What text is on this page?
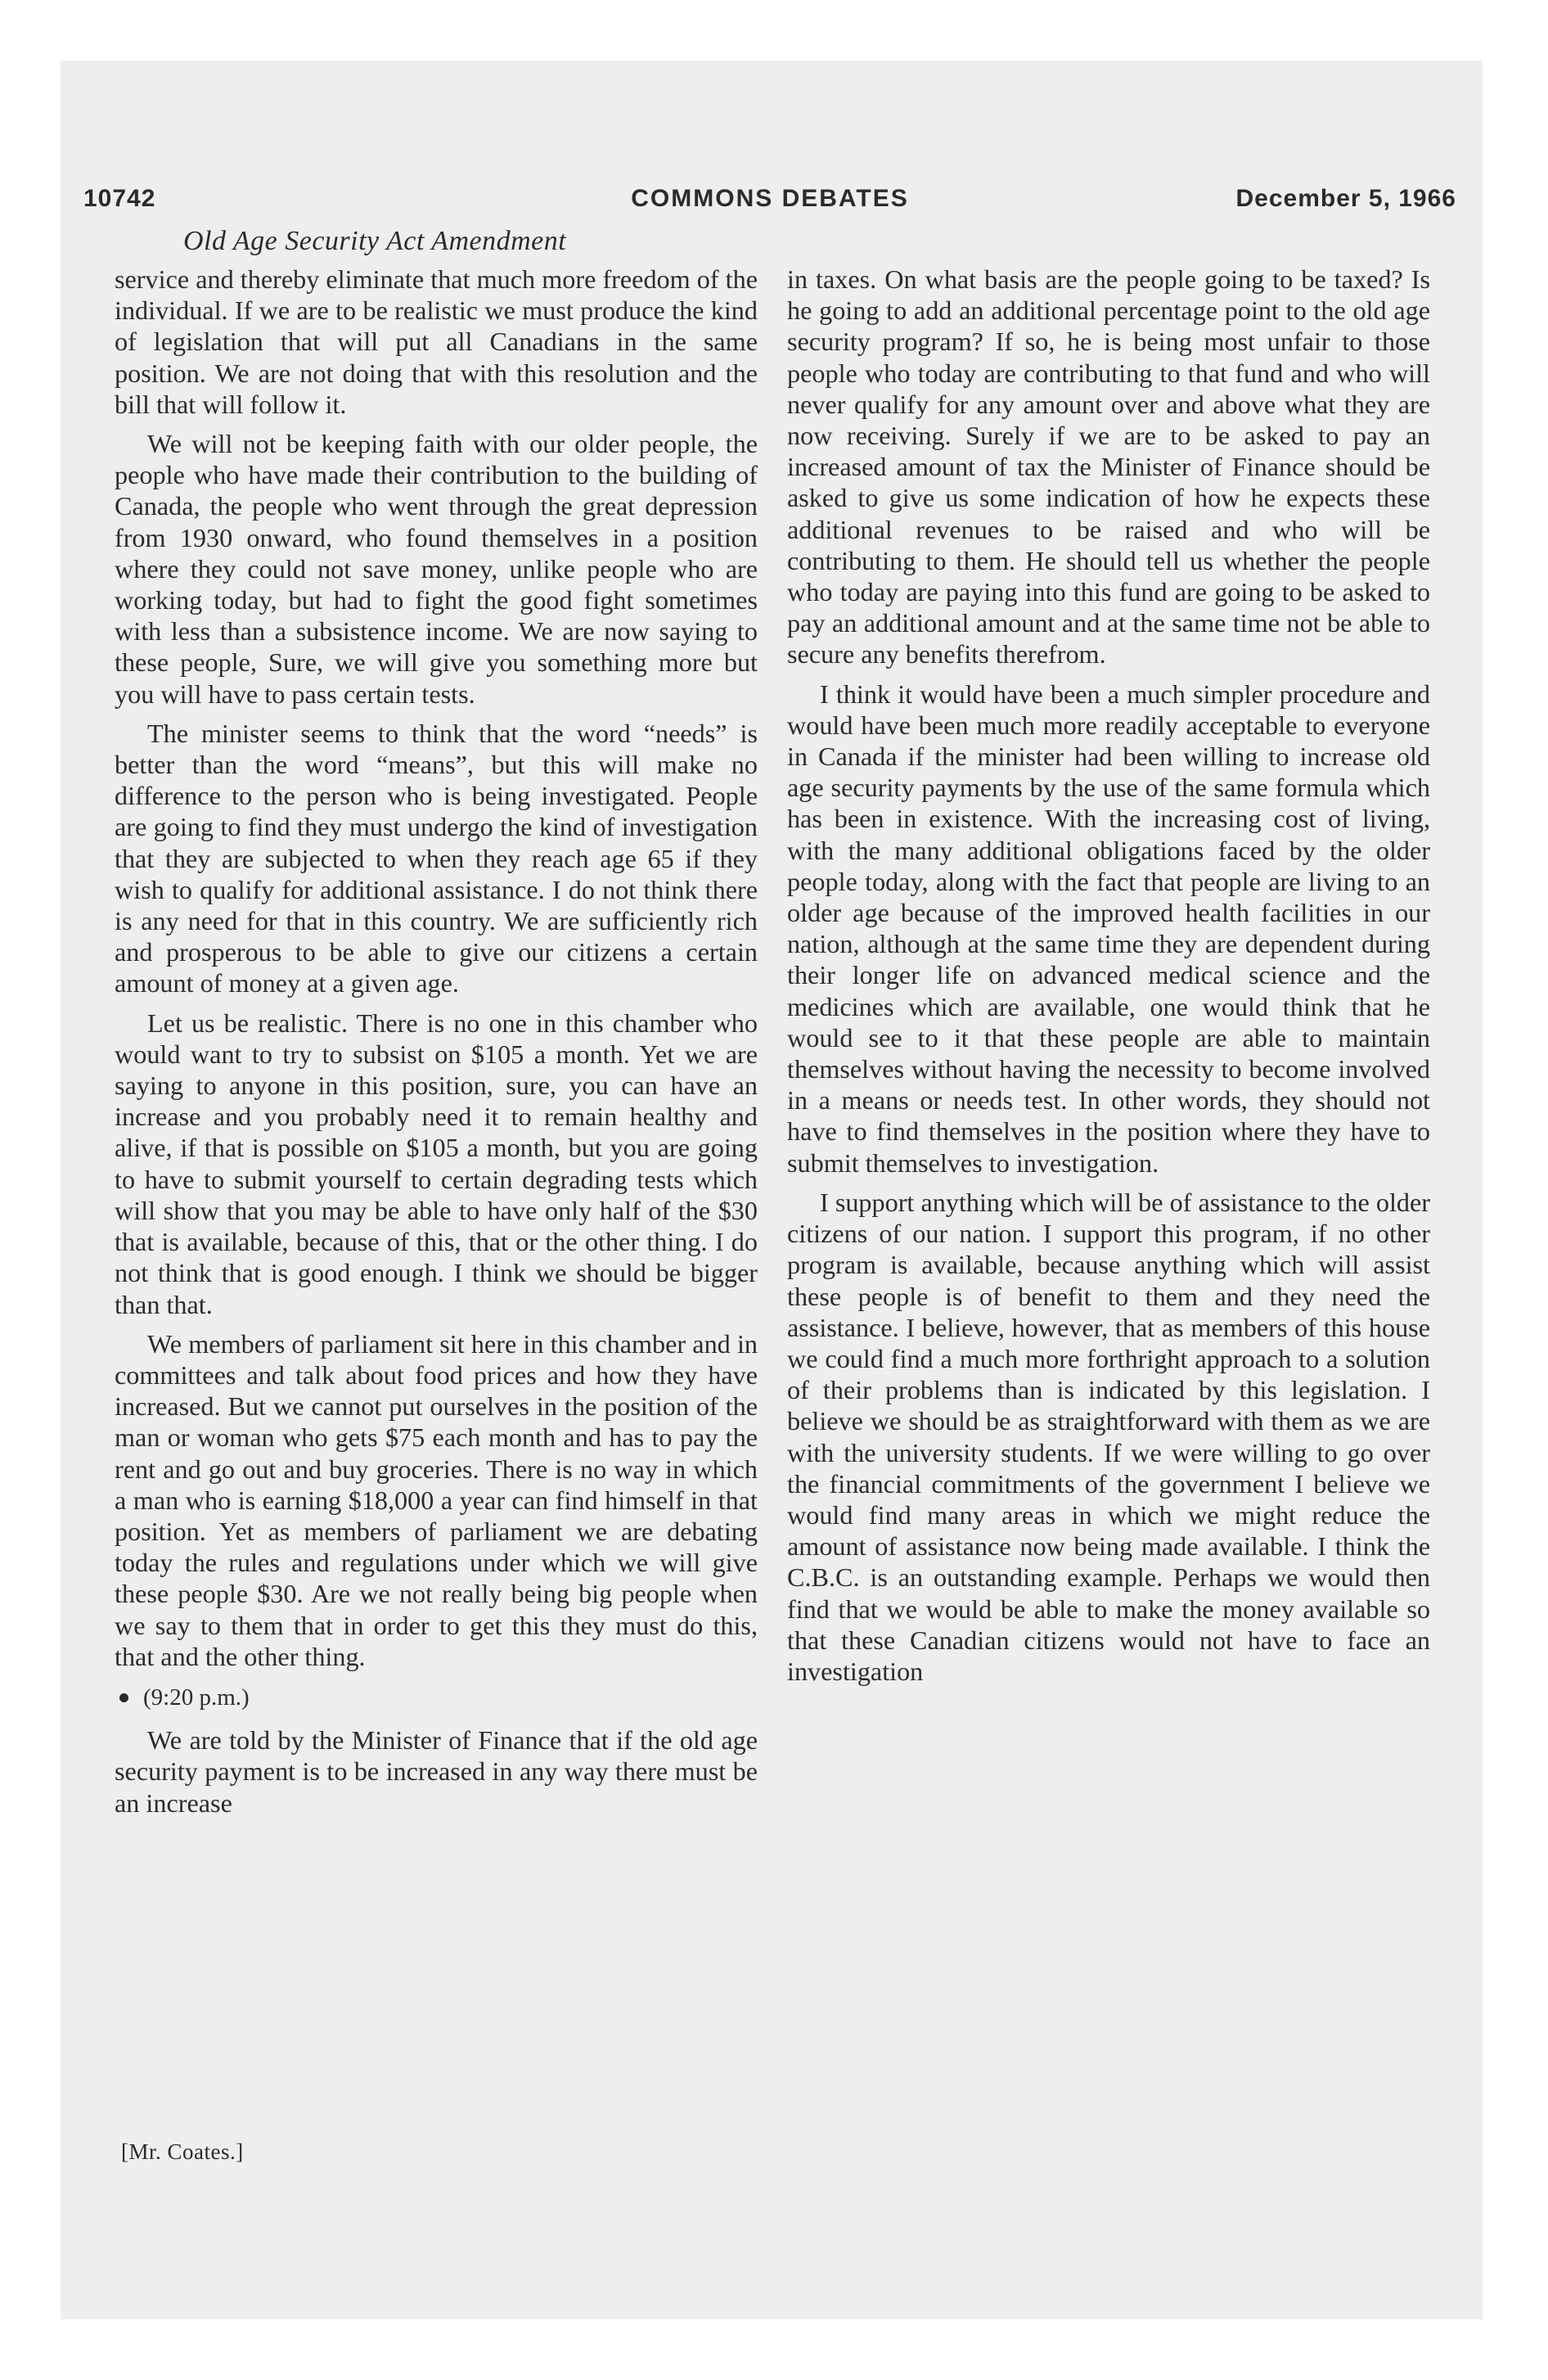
10742	COMMONS DEBATES	December 5, 1966
Old Age Security Act Amendment

service and thereby eliminate that much more freedom of the individual. If we are to be realistic we must produce the kind of legislation that will put all Canadians in the same position. We are not doing that with this resolution and the bill that will follow it.

We will not be keeping faith with our older people, the people who have made their contribution to the building of Canada, the people who went through the great depression from 1930 onward, who found themselves in a position where they could not save money, unlike people who are working today, but had to fight the good fight sometimes with less than a subsistence income. We are now saying to these people, Sure, we will give you something more but you will have to pass certain tests.

The minister seems to think that the word “needs” is better than the word “means”, but this will make no difference to the person who is being investigated. People are going to find they must undergo the kind of investigation that they are subjected to when they reach age 65 if they wish to qualify for additional assistance. I do not think there is any need for that in this country. We are sufficiently rich and prosperous to be able to give our citizens a certain amount of money at a given age.

Let us be realistic. There is no one in this chamber who would want to try to subsist on $105 a month. Yet we are saying to anyone in this position, sure, you can have an increase and you probably need it to remain healthy and alive, if that is possible on $105 a month, but you are going to have to submit yourself to certain degrading tests which will show that you may be able to have only half of the $30 that is available, because of this, that or the other thing. I do not think that is good enough. I think we should be bigger than that.

We members of parliament sit here in this chamber and in committees and talk about food prices and how they have increased. But we cannot put ourselves in the position of the man or woman who gets $75 each month and has to pay the rent and go out and buy groceries. There is no way in which a man who is earning $18,000 a year can find himself in that position. Yet as members of parliament we are debating today the rules and regulations under which we will give these people $30. Are we not really being big people when we say to them that in order to get this they must do this, that and the other thing.

(9:20 p.m.)

We are told by the Minister of Finance that if the old age security payment is to be increased in any way there must be an increase

in taxes. On what basis are the people going to be taxed? Is he going to add an additional percentage point to the old age security program? If so, he is being most unfair to those people who today are contributing to that fund and who will never qualify for any amount over and above what they are now receiving. Surely if we are to be asked to pay an increased amount of tax the Minister of Finance should be asked to give us some indication of how he expects these additional revenues to be raised and who will be contributing to them. He should tell us whether the people who today are paying into this fund are going to be asked to pay an additional amount and at the same time not be able to secure any benefits therefrom.

I think it would have been a much simpler procedure and would have been much more readily acceptable to everyone in Canada if the minister had been willing to increase old age security payments by the use of the same formula which has been in existence. With the increasing cost of living, with the many additional obligations faced by the older people today, along with the fact that people are living to an older age because of the improved health facilities in our nation, although at the same time they are dependent during their longer life on advanced medical science and the medicines which are available, one would think that he would see to it that these people are able to maintain themselves without having the necessity to become involved in a means or needs test. In other words, they should not have to find themselves in the position where they have to submit themselves to investigation.

I support anything which will be of assistance to the older citizens of our nation. I support this program, if no other program is available, because anything which will assist these people is of benefit to them and they need the assistance. I believe, however, that as members of this house we could find a much more forthright approach to a solution of their problems than is indicated by this legislation. I believe we should be as straightforward with them as we are with the university students. If we were willing to go over the financial commitments of the government I believe we would find many areas in which we might reduce the amount of assistance now being made available. I think the C.B.C. is an outstanding example. Perhaps we would then find that we would be able to make the money available so that these Canadian citizens would not have to face an investigation

[Mr. Coates.]
